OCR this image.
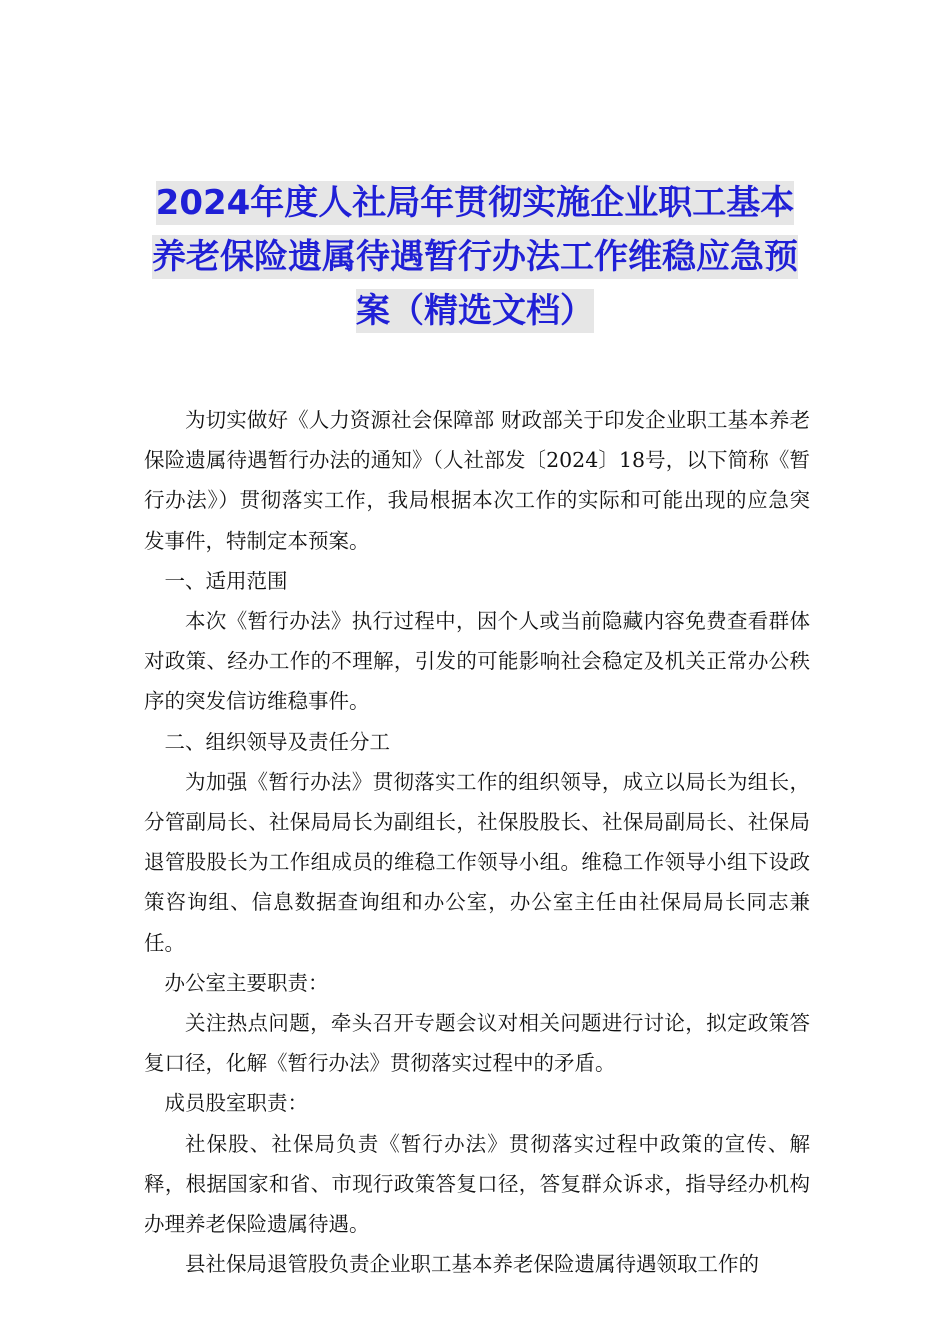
2024年度人社局年贯彻实施企业职工基本养老保险遗属待遇暂行办法工作维稳应急预案（精选文档）

为切实做好《人力资源社会保障部 财政部关于印发企业职工基本养老保险遗属待遇暂行办法的通知》（人社部发〔2024〕18号，以下简称《暂行办法》）贯彻落实工作，我局根据本次工作的实际和可能出现的应急突发事件，特制定本预案。

一、适用范围

本次《暂行办法》执行过程中，因个人或当前隐藏内容免费查看群体对政策、经办工作的不理解，引发的可能影响社会稳定及机关正常办公秩序的突发信访维稳事件。

二、组织领导及责任分工

为加强《暂行办法》贯彻落实工作的组织领导，成立以局长为组长，分管副局长、社保局局长为副组长，社保股股长、社保局副局长、社保局退管股股长为工作组成员的维稳工作领导小组。维稳工作领导小组下设政策咨询组、信息数据查询组和办公室，办公室主任由社保局局长同志兼任。

办公室主要职责：

关注热点问题，牵头召开专题会议对相关问题进行讨论，拟定政策答复口径，化解《暂行办法》贯彻落实过程中的矛盾。

成员股室职责：

社保股、社保局负责《暂行办法》贯彻落实过程中政策的宣传、解释，根据国家和省、市现行政策答复口径，答复群众诉求，指导经办机构办理养老保险遗属待遇。

县社保局退管股负责企业职工基本养老保险遗属待遇领取工作的
